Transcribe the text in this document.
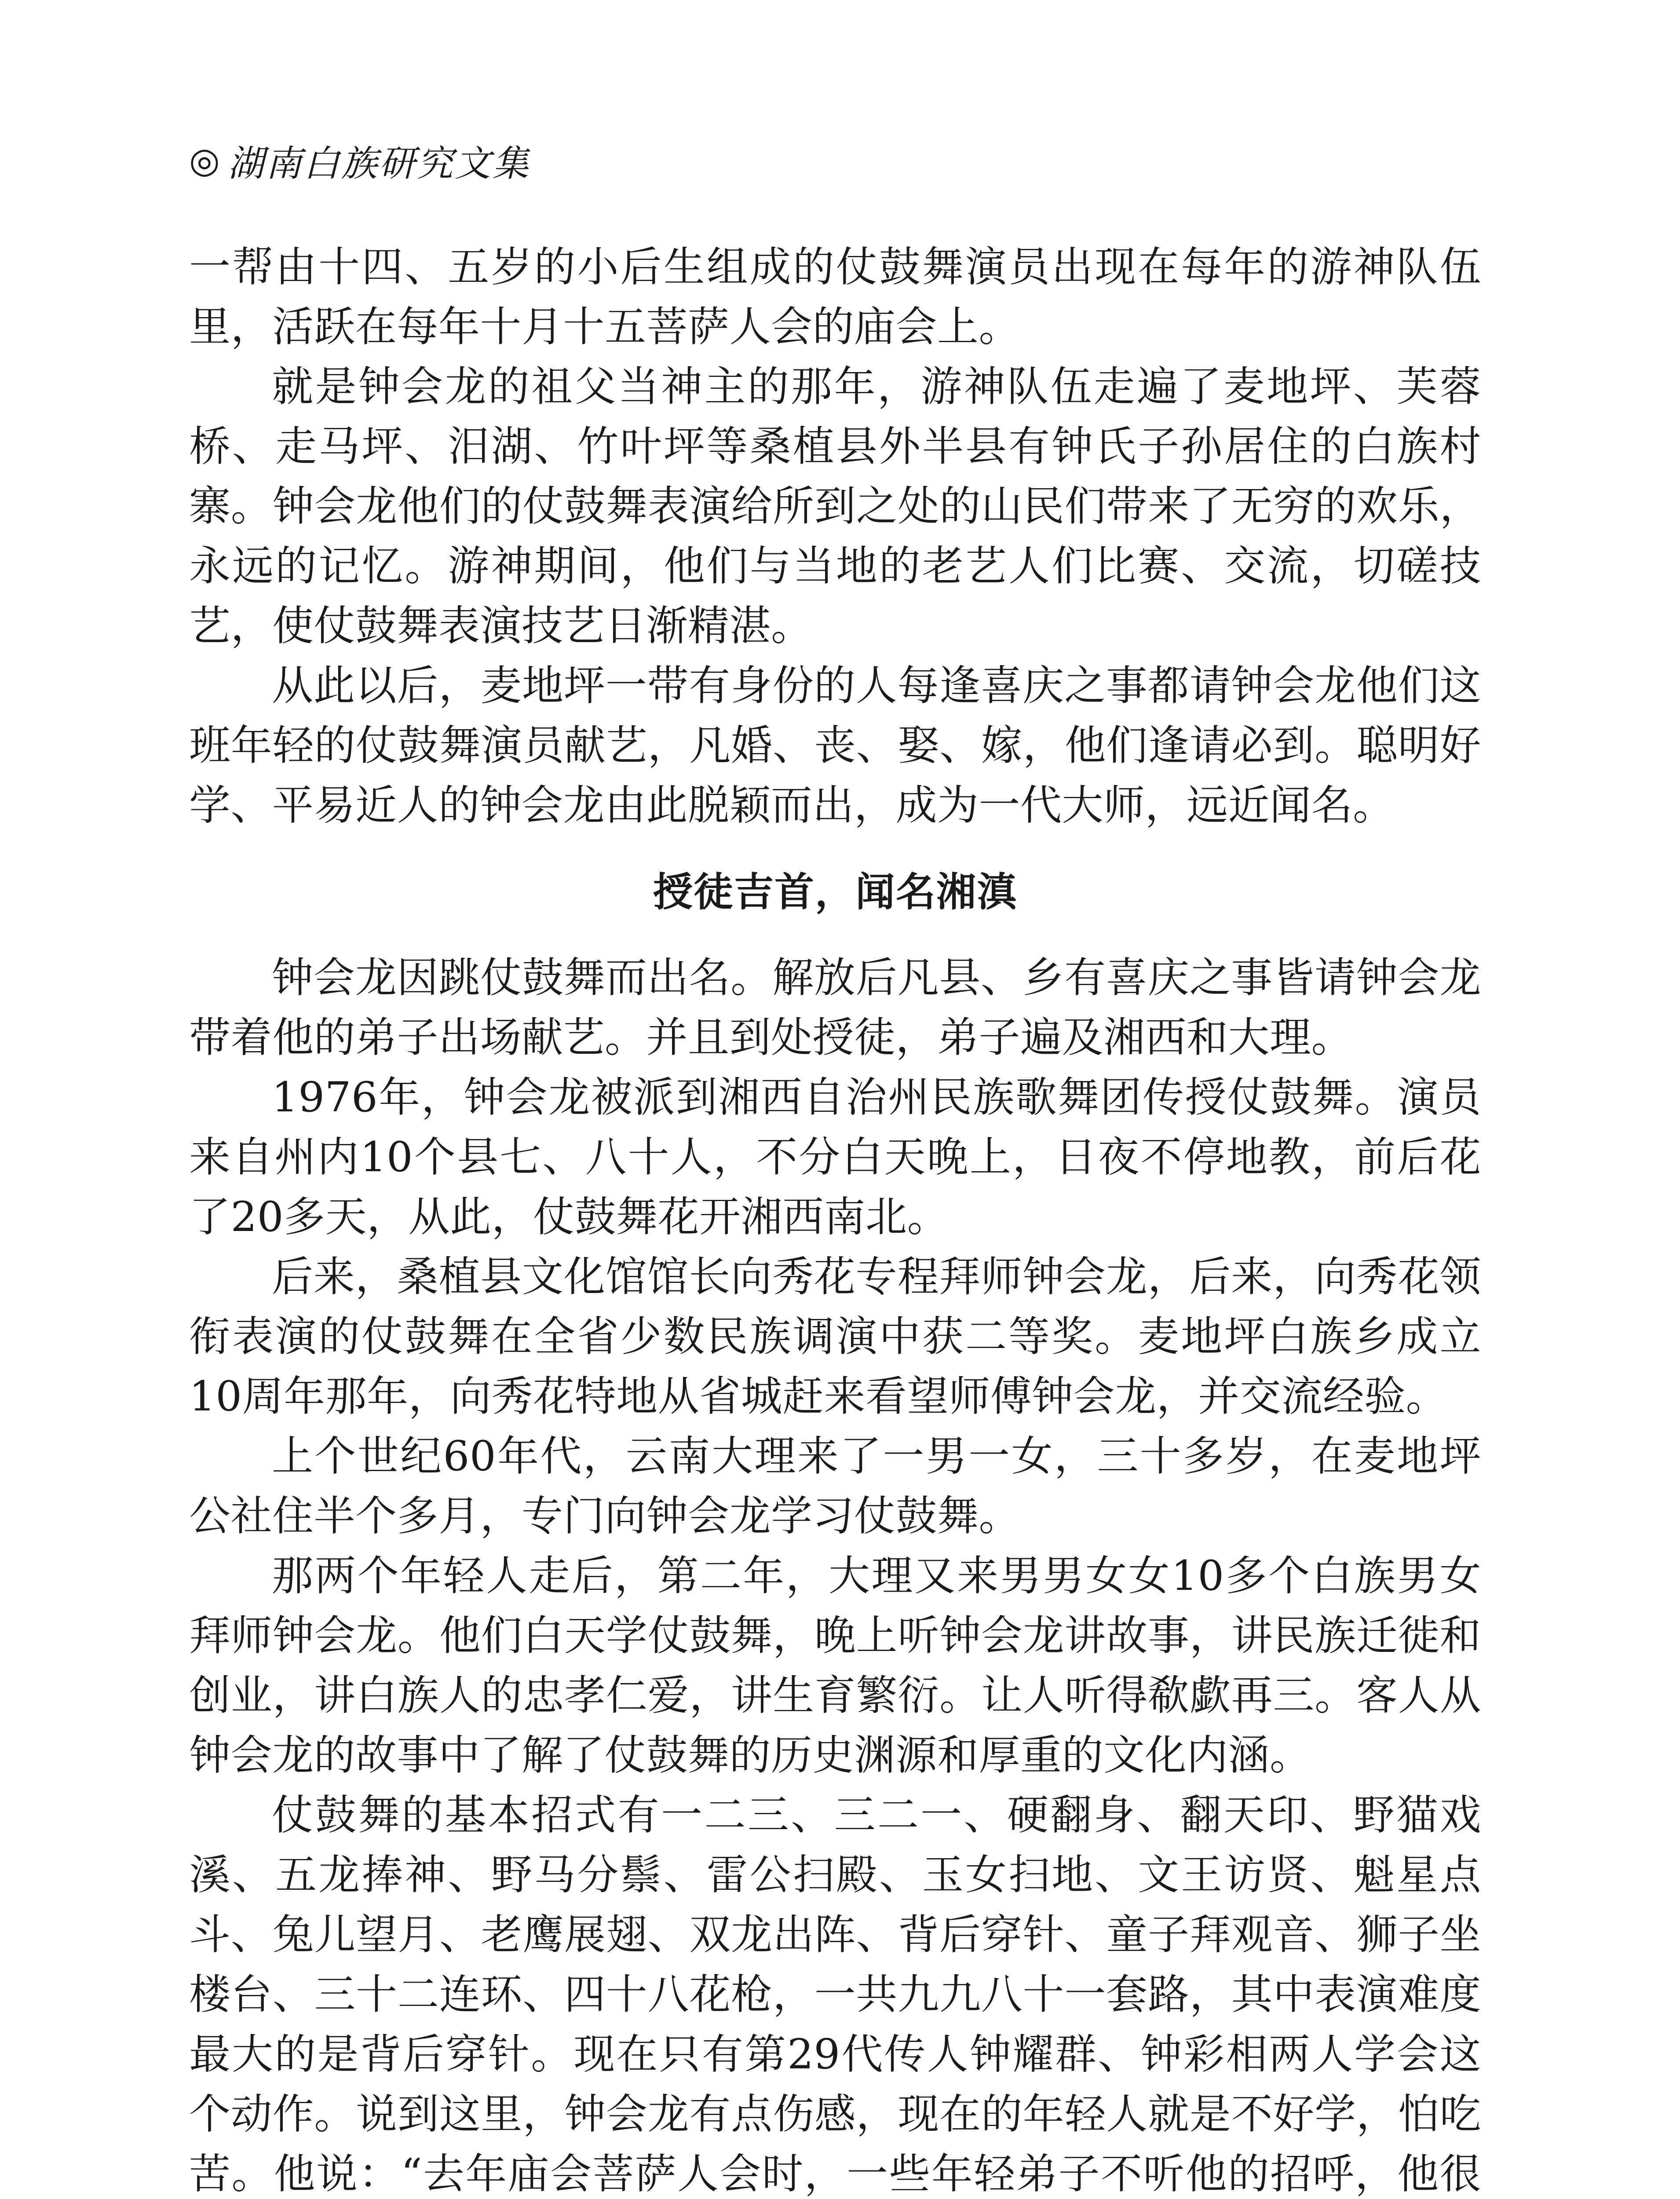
◎ 湖南白族研究文集

一帮由十四、五岁的小后生组成的仗鼓舞演员出现在每年的游神队伍里，活跃在每年十月十五菩萨人会的庙会上。

就是钟会龙的祖父当神主的那年，游神队伍走遍了麦地坪、芙蓉桥、走马坪、汨湖、竹叶坪等桑植县外半县有钟氏子孙居住的白族村寨。钟会龙他们的仗鼓舞表演给所到之处的山民们带来了无穷的欢乐，永远的记忆。游神期间，他们与当地的老艺人们比赛、交流，切磋技艺，使仗鼓舞表演技艺日渐精湛。

从此以后，麦地坪一带有身份的人每逢喜庆之事都请钟会龙他们这班年轻的仗鼓舞演员献艺，凡婚、丧、娶、嫁，他们逢请必到。聪明好学、平易近人的钟会龙由此脱颖而出，成为一代大师，远近闻名。

授徒吉首，闻名湘滇

钟会龙因跳仗鼓舞而出名。解放后凡县、乡有喜庆之事皆请钟会龙带着他的弟子出场献艺。并且到处授徒，弟子遍及湘西和大理。

1976年，钟会龙被派到湘西自治州民族歌舞团传授仗鼓舞。演员来自州内10个县七、八十人，不分白天晚上，日夜不停地教，前后花了20多天，从此，仗鼓舞花开湘西南北。

后来，桑植县文化馆馆长向秀花专程拜师钟会龙，后来，向秀花领衔表演的仗鼓舞在全省少数民族调演中获二等奖。麦地坪白族乡成立10周年那年，向秀花特地从省城赶来看望师傅钟会龙，并交流经验。

上个世纪60年代，云南大理来了一男一女，三十多岁，在麦地坪公社住半个多月，专门向钟会龙学习仗鼓舞。

那两个年轻人走后，第二年，大理又来男男女女10多个白族男女拜师钟会龙。他们白天学仗鼓舞，晚上听钟会龙讲故事，讲民族迁徙和创业，讲白族人的忠孝仁爱，讲生育繁衍。让人听得欷歔再三。客人从钟会龙的故事中了解了仗鼓舞的历史渊源和厚重的文化内涵。

仗鼓舞的基本招式有一二三、三二一、硬翻身、翻天印、野猫戏溪、五龙捧神、野马分鬃、雷公扫殿、玉女扫地、文王访贤、魁星点斗、兔儿望月、老鹰展翅、双龙出阵、背后穿针、童子拜观音、狮子坐楼台、三十二连环、四十八花枪，一共九九八十一套路，其中表演难度最大的是背后穿针。现在只有第29代传人钟耀群、钟彩相两人学会这个动作。说到这里，钟会龙有点伤感，现在的年轻人就是不好学，怕吃苦。他说：“去年庙会菩萨人会时，一些年轻弟子不听他的招呼，他很
